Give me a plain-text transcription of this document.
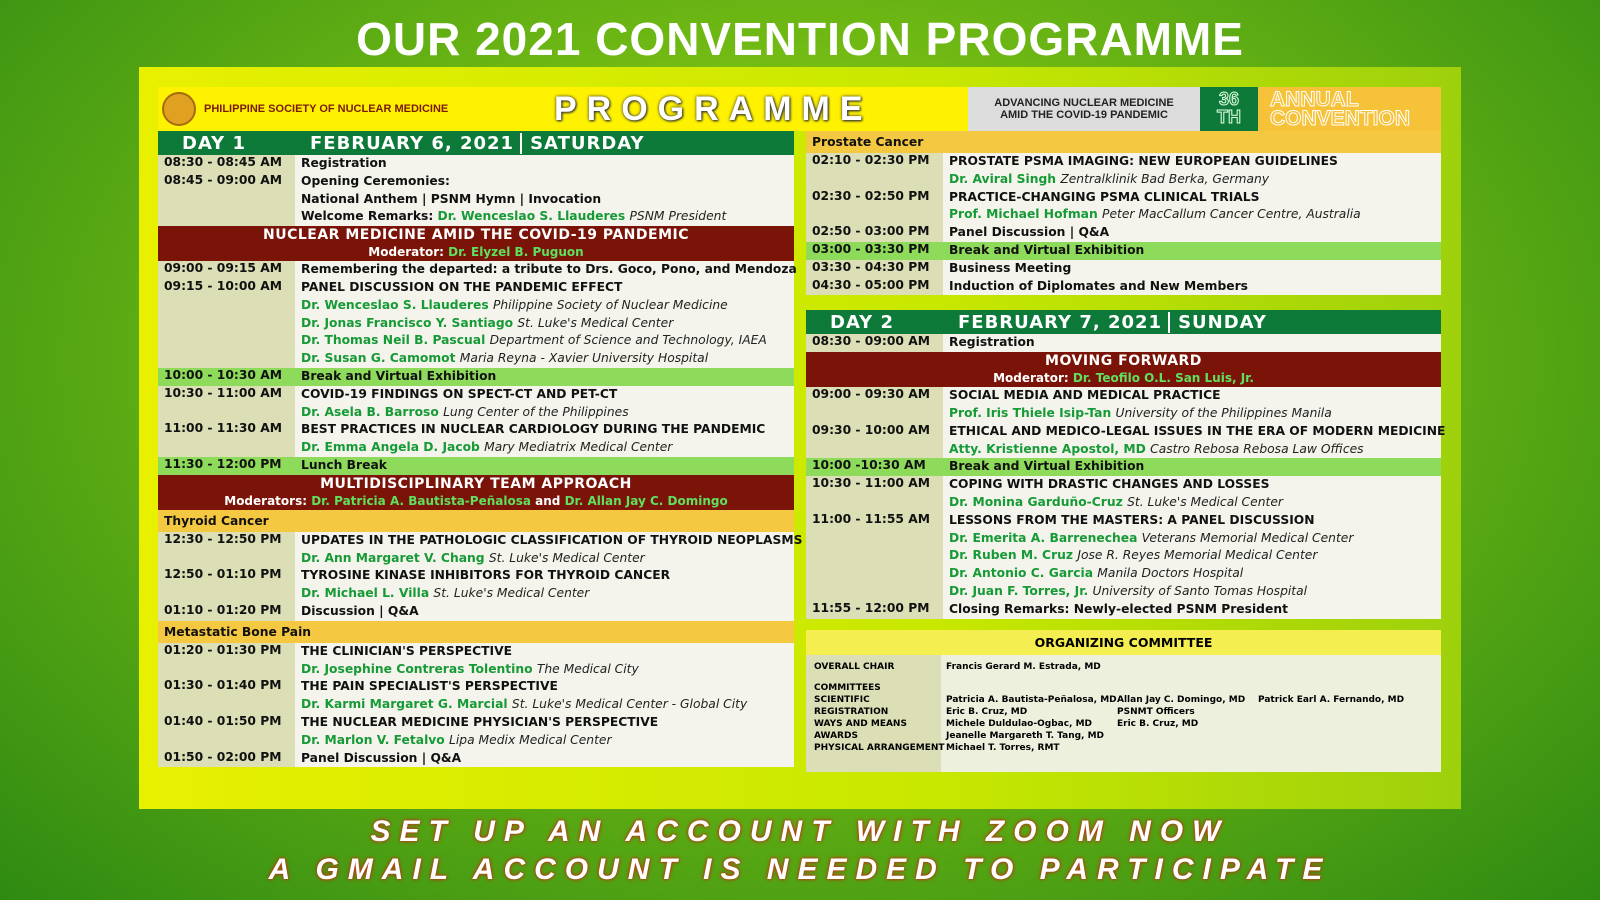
OUR 2021 CONVENTION PROGRAMME
PHILIPPINE SOCIETY OF NUCLEAR MEDICINE	PROGRAMME	ADVANCING NUCLEAR MEDICINE
AMID THE COVID-19 PANDEMIC
36
TH
ANNUAL
CONVENTION
DAY 1	FEBRUARY 6, 2021 SATURDAY
08:30 - 08:45 AM	Registration
08:45 - 09:00 AM	Opening Ceremonies:
National Anthem | PSNM Hymn | Invocation
Welcome Remarks: Dr. Wenceslao S. Llauderes PSNM President
NUCLEAR MEDICINE AMID THE COVID-19 PANDEMIC
Moderator: Dr. Elyzel B. Puguon
09:00 - 09:15 AM	Remembering the departed: a tribute to Drs. Goco, Pono, and Mendoza
09:15 - 10:00 AM	PANEL DISCUSSION ON THE PANDEMIC EFFECT
Dr. Wenceslao S. Llauderes Philippine Society of Nuclear Medicine
Dr. Jonas Francisco Y. Santiago St. Luke's Medical Center
Dr. Thomas Neil B. Pascual Department of Science and Technology, IAEA
Dr. Susan G. Camomot Maria Reyna - Xavier University Hospital
10:00 - 10:30 AM	Break and Virtual Exhibition
10:30 - 11:00 AM	COVID-19 FINDINGS ON SPECT-CT AND PET-CT
Dr. Asela B. Barroso Lung Center of the Philippines
11:00 - 11:30 AM	BEST PRACTICES IN NUCLEAR CARDIOLOGY DURING THE PANDEMIC
Dr. Emma Angela D. Jacob Mary Mediatrix Medical Center
11:30 - 12:00 PM	Lunch Break
MULTIDISCIPLINARY TEAM APPROACH
Moderators: Dr. Patricia A. Bautista-Peñalosa and Dr. Allan Jay C. Domingo
Thyroid Cancer
12:30 - 12:50 PM	UPDATES IN THE PATHOLOGIC CLASSIFICATION OF THYROID NEOPLASMS
Dr. Ann Margaret V. Chang St. Luke's Medical Center
12:50 - 01:10 PM	TYROSINE KINASE INHIBITORS FOR THYROID CANCER
Dr. Michael L. Villa St. Luke's Medical Center
01:10 - 01:20 PM	Discussion | Q&A
Metastatic Bone Pain
01:20 - 01:30 PM	THE CLINICIAN'S PERSPECTIVE
Dr. Josephine Contreras Tolentino The Medical City
01:30 - 01:40 PM	THE PAIN SPECIALIST'S PERSPECTIVE
Dr. Karmi Margaret G. Marcial St. Luke's Medical Center - Global City
01:40 - 01:50 PM	THE NUCLEAR MEDICINE PHYSICIAN'S PERSPECTIVE
Dr. Marlon V. Fetalvo Lipa Medix Medical Center
01:50 - 02:00 PM	Panel Discussion | Q&A
Prostate Cancer
02:10 - 02:30 PM	PROSTATE PSMA IMAGING: NEW EUROPEAN GUIDELINES
Dr. Aviral Singh Zentralklinik Bad Berka, Germany
02:30 - 02:50 PM	PRACTICE-CHANGING PSMA CLINICAL TRIALS
Prof. Michael Hofman Peter MacCallum Cancer Centre, Australia
02:50 - 03:00 PM	Panel Discussion | Q&A
03:00 - 03:30 PM	Break and Virtual Exhibition
03:30 - 04:30 PM	Business Meeting
04:30 - 05:00 PM	Induction of Diplomates and New Members
DAY 2	FEBRUARY 7, 2021 SUNDAY
08:30 - 09:00 AM	Registration
MOVING FORWARD
Moderator: Dr. Teofilo O.L. San Luis, Jr.
09:00 - 09:30 AM	SOCIAL MEDIA AND MEDICAL PRACTICE
Prof. Iris Thiele Isip-Tan University of the Philippines Manila
09:30 - 10:00 AM	ETHICAL AND MEDICO-LEGAL ISSUES IN THE ERA OF MODERN MEDICINE
Atty. Kristienne Apostol, MD Castro Rebosa Rebosa Law Offices
10:00 -10:30 AM	Break and Virtual Exhibition
10:30 - 11:00 AM	COPING WITH DRASTIC CHANGES AND LOSSES
Dr. Monina Garduño-Cruz St. Luke's Medical Center
11:00 - 11:55 AM	LESSONS FROM THE MASTERS: A PANEL DISCUSSION
Dr. Emerita A. Barrenechea Veterans Memorial Medical Center
Dr. Ruben M. Cruz Jose R. Reyes Memorial Medical Center
Dr. Antonio C. Garcia Manila Doctors Hospital
Dr. Juan F. Torres, Jr. University of Santo Tomas Hospital
11:55 - 12:00 PM	Closing Remarks: Newly-elected PSNM President
ORGANIZING COMMITTEE
OVERALL CHAIR	Francis Gerard M. Estrada, MD
COMMITTEES
SCIENTIFIC	Patricia A. Bautista-Peñalosa, MD Allan Jay C. Domingo, MD Patrick Earl A. Fernando, MD
REGISTRATION	Eric B. Cruz, MD	PSNMT Officers
WAYS AND MEANS	Michele Duldulao-Ogbac, MD	Eric B. Cruz, MD
AWARDS	Jeanelle Margareth T. Tang, MD
PHYSICAL ARRANGEMENT Michael T. Torres, RMT
SET UP AN ACCOUNT WITH ZOOM NOW
A GMAIL ACCOUNT IS NEEDED TO PARTICIPATE
